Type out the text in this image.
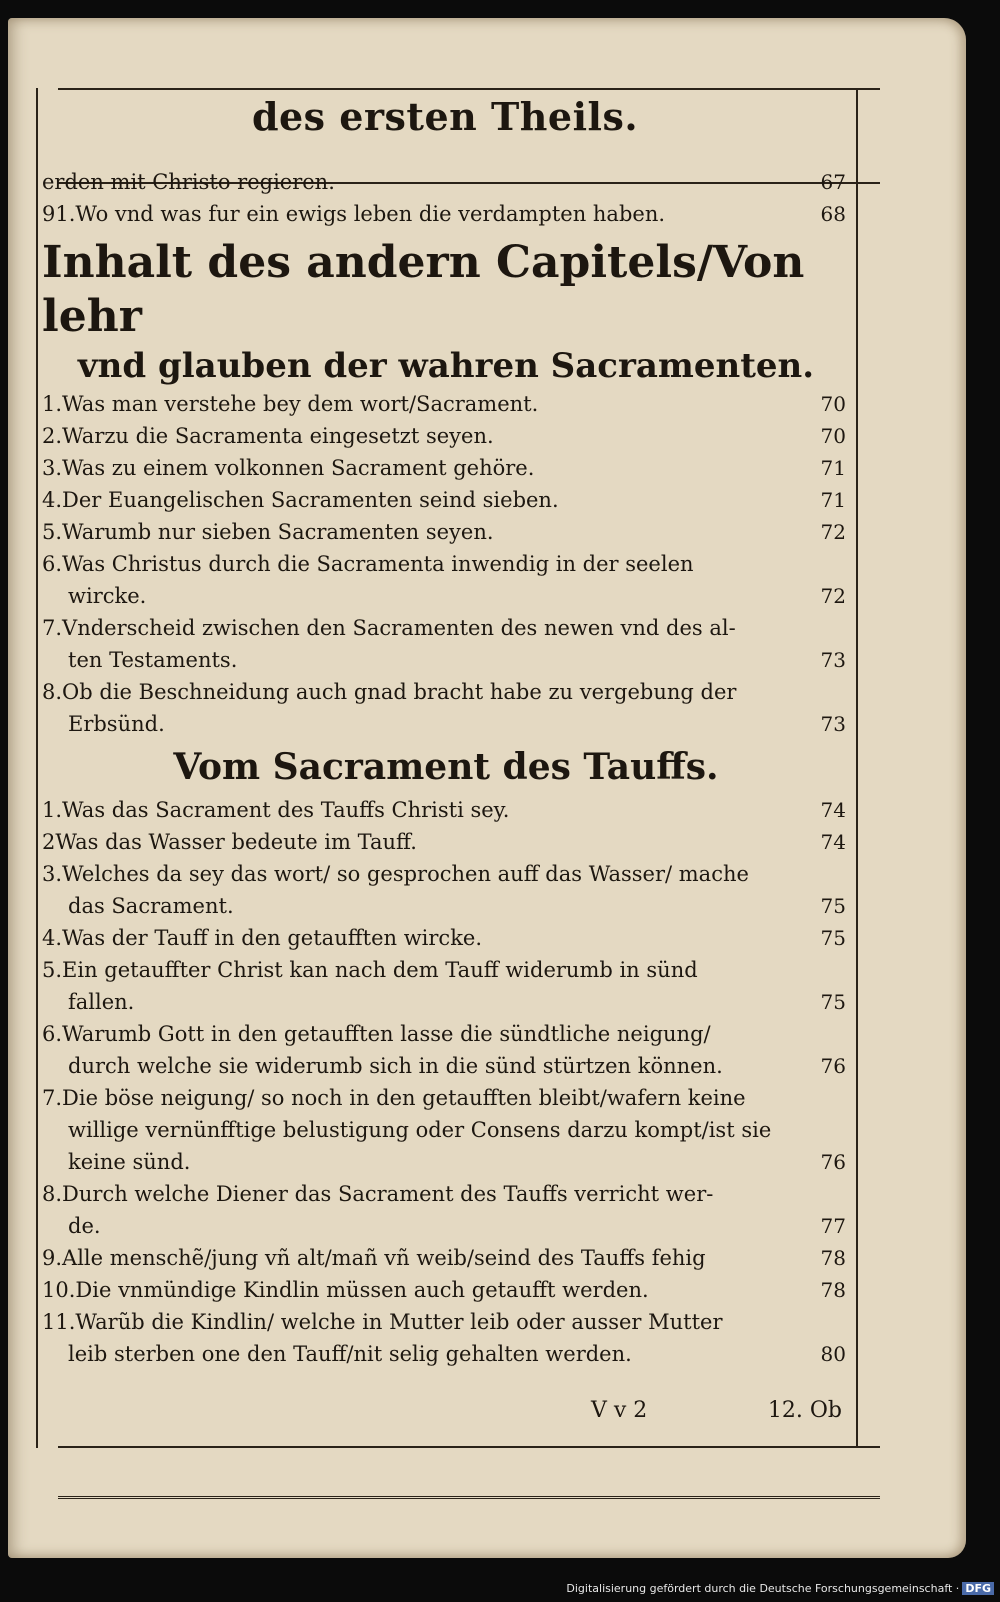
des ersten Theils.
erden mit Christo regieren.	67
91.Wo vnd was fur ein ewigs leben die verdampten haben.	68
Inhalt des andern Capitels/Von lehr
vnd glauben der wahren Sacramenten.
1.Was man verstehe bey dem wort/Sacrament.	70
2.Warzu die Sacramenta eingesetzt seyen.	70
3.Was zu einem volkonnen Sacrament gehöre.	71
4.Der Euangelischen Sacramenten seind sieben.	71
5.Warumb nur sieben Sacramenten seyen.	72
6.Was Christus durch die Sacramenta inwendig in der seelen
wircke.	72
7.Vnderscheid zwischen den Sacramenten des newen vnd des al-
ten Testaments.	73
8.Ob die Beschneidung auch gnad bracht habe zu vergebung der
Erbsünd.	73
Vom Sacrament des Tauffs.
1.Was das Sacrament des Tauffs Christi sey.	74
2Was das Wasser bedeute im Tauff.	74
3.Welches da sey das wort/ so gesprochen auff das Wasser/ mache
das Sacrament.	75
4.Was der Tauff in den getaufften wircke.	75
5.Ein getauffter Christ kan nach dem Tauff widerumb in sünd
fallen.	75
6.Warumb Gott in den getaufften lasse die sündtliche neigung/
durch welche sie widerumb sich in die sünd stürtzen können.	76
7.Die böse neigung/ so noch in den getaufften bleibt/wafern keine
willige vernünfftige belustigung oder Consens darzu kompt/ist sie keine sünd.	76
8.Durch welche Diener das Sacrament des Tauffs verricht wer-
de.	77
9.Alle menschẽ/jung vñ alt/mañ vñ weib/seind des Tauffs fehig	78
10.Die vnmündige Kindlin müssen auch getaufft werden.	78
11.Warũb die Kindlin/ welche in Mutter leib oder ausser Mutter
leib sterben one den Tauff/nit selig gehalten werden.	80
V v 2	12. Ob
Digitalisierung gefördert durch die Deutsche Forschungsgemeinschaft · DFG
